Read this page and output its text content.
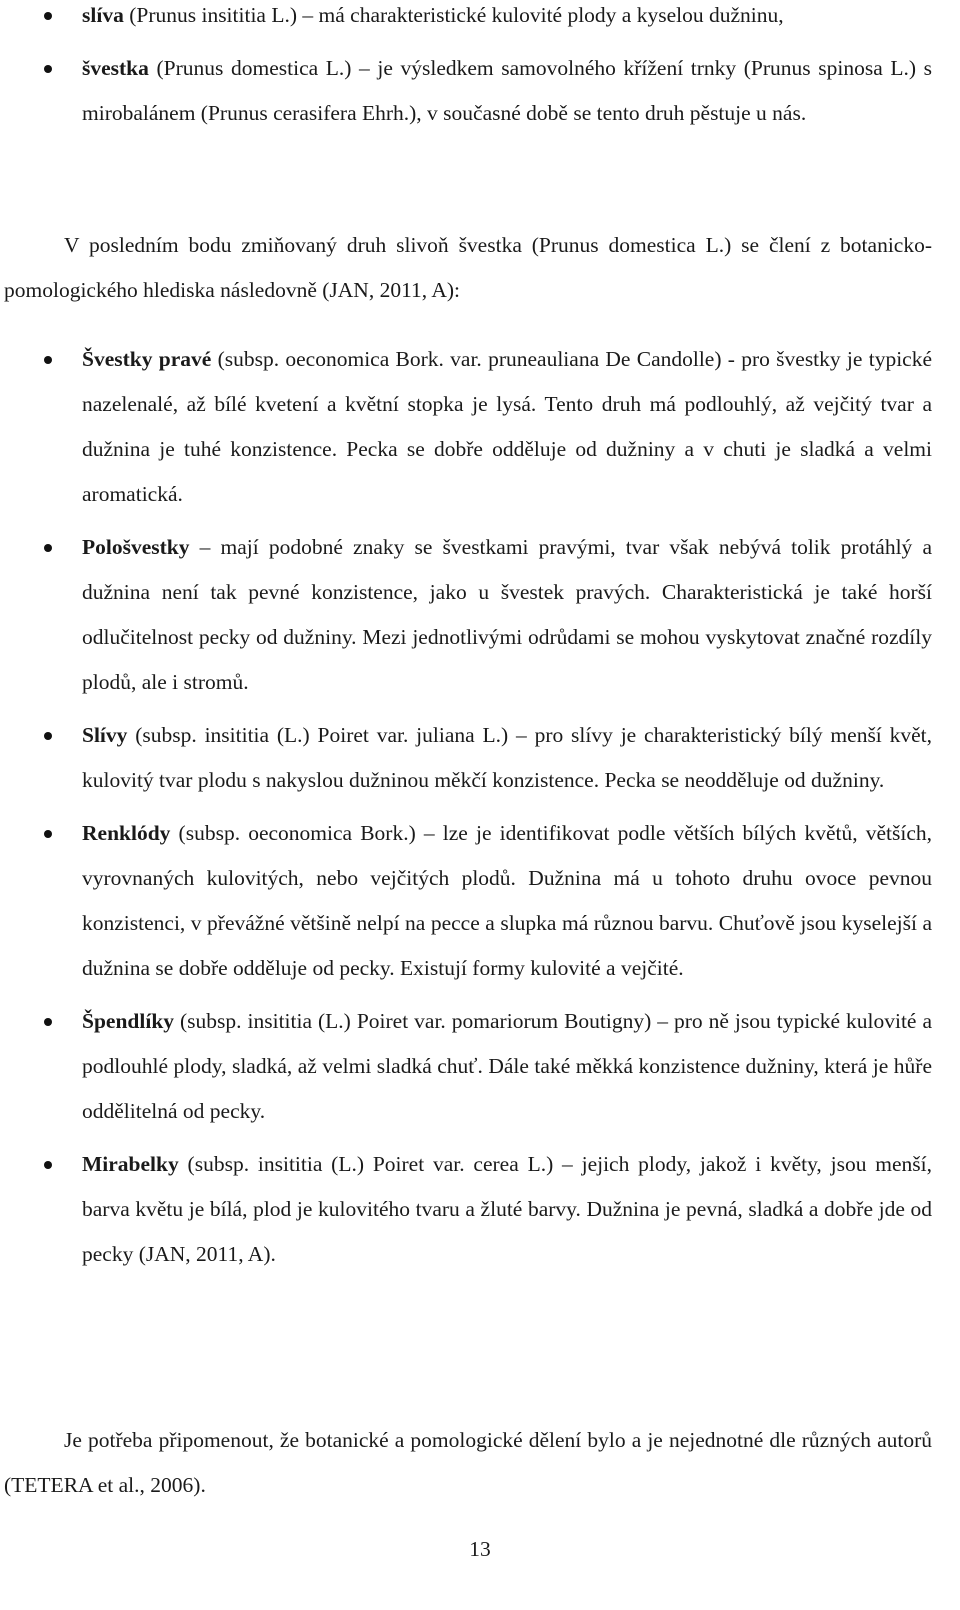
slíva (Prunus insititia L.) – má charakteristické kulovité plody a kyselou dužninu,
švestka (Prunus domestica L.) – je výsledkem samovolného křížení trnky (Prunus spinosa L.) s mirobalánem (Prunus cerasifera Ehrh.), v současné době se tento druh pěstuje u nás.

V posledním bodu zmiňovaný druh slivoň švestka (Prunus domestica L.) se člení z botanicko-pomologického hlediska následovně (JAN, 2011, A):

Švestky pravé (subsp. oeconomica Bork. var. pruneauliana De Candolle) - pro švestky je typické nazelenalé, až bílé kvetení a květní stopka je lysá. Tento druh má podlouhlý, až vejčitý tvar a dužnina je tuhé konzistence. Pecka se dobře odděluje od dužniny a v chuti je sladká a velmi aromatická.
Pološvestky – mají podobné znaky se švestkami pravými, tvar však nebývá tolik protáhlý a dužnina není tak pevné konzistence, jako u švestek pravých. Charakteristická je také horší odlučitelnost pecky od dužniny. Mezi jednotlivými odrůdami se mohou vyskytovat značné rozdíly plodů, ale i stromů.
Slívy (subsp. insititia (L.) Poiret var. juliana L.) – pro slívy je charakteristický bílý menší květ, kulovitý tvar plodu s nakyslou dužninou měkčí konzistence. Pecka se neodděluje od dužniny.
Renklódy (subsp. oeconomica Bork.) – lze je identifikovat podle větších bílých květů, větších, vyrovnaných kulovitých, nebo vejčitých plodů. Dužnina má u tohoto druhu ovoce pevnou konzistenci, v převážné většině nelpí na pecce a slupka má různou barvu. Chuťově jsou kyselejší a dužnina se dobře odděluje od pecky. Existují formy kulovité a vejčité.
Špendlíky (subsp. insititia (L.) Poiret var. pomariorum Boutigny) – pro ně jsou typické kulovité a podlouhlé plody, sladká, až velmi sladká chuť. Dále také měkká konzistence dužniny, která je hůře oddělitelná od pecky.
Mirabelky (subsp. insititia (L.) Poiret var. cerea L.) – jejich plody, jakož i květy, jsou menší, barva květu je bílá, plod je kulovitého tvaru a žluté barvy. Dužnina je pevná, sladká a dobře jde od pecky (JAN, 2011, A).

Je potřeba připomenout, že botanické a pomologické dělení bylo a je nejednotné dle různých autorů (TETERA et al., 2006).

13
